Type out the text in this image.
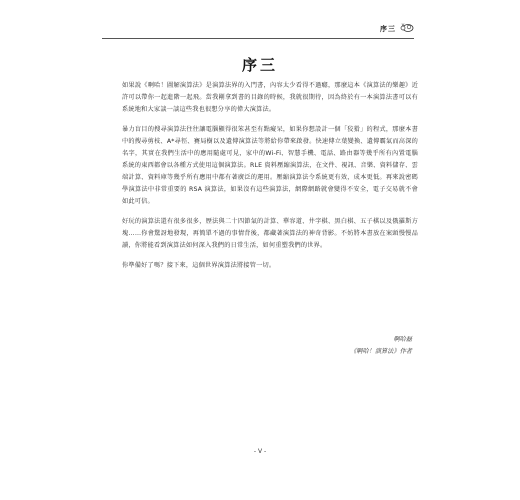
序三
序三

如果說《啊哈！圖解演算法》是演算法界的入門書，內容太少看得不過癮，那麼這本《演算法的樂趣》近許可以帶你一起進階一起飛。當我剛拿到書的目錄的時候，我就很期待，因為終於有一本演算法書可以有系統地和大家談一談這些我也很想分享的偉大演算法。

暴力盲目的搜尋演算法往往讓電腦顯得很笨甚至有點癡呆，如果你想設計一個「狡猾」的程式，那麼本書中的搜尋剪枝、A*尋徑、賽局樹以及遺傳演算法等將給你帶來啟發。快速傳立葉變換、遺傳霸氣而高深的名字，其實在我們生活中的應用隨處可見，家中的Wi-Fi、智慧手機、電話、路由器等幾乎所有內置電腦系統的東西都會以各種方式使用這個演算法。RLE 資料壓縮演算法，在文件、視訊、音樂、資料儲存、雲端計算、資料庫等幾乎所有應用中都有著廣泛的運用。壓縮演算法令系統更有效，成本更低。再來說密碼學演算法中非常重要的 RSA 演算法，如果沒有這些演算法，網際網路就會變得不安全，電子交易就不會如此可信。

好玩的演算法還有很多很多，歷法與二十四節氣的計算、華容道、井字棋、黑白棋、五子棋以及俄羅斯方塊……你會驚訝地發現，再簡單不過的事情背後，都藏著演算法的神奇背影。不妨將本書放在案頭慢慢品讀，你將能看到演算法如何深入我們的日常生活，如何重塑我們的世界。

你準備好了嗎？接下來，這個世界演算法將接管一切。

啊哈磊
《啊哈！演算法》作者
- V -
